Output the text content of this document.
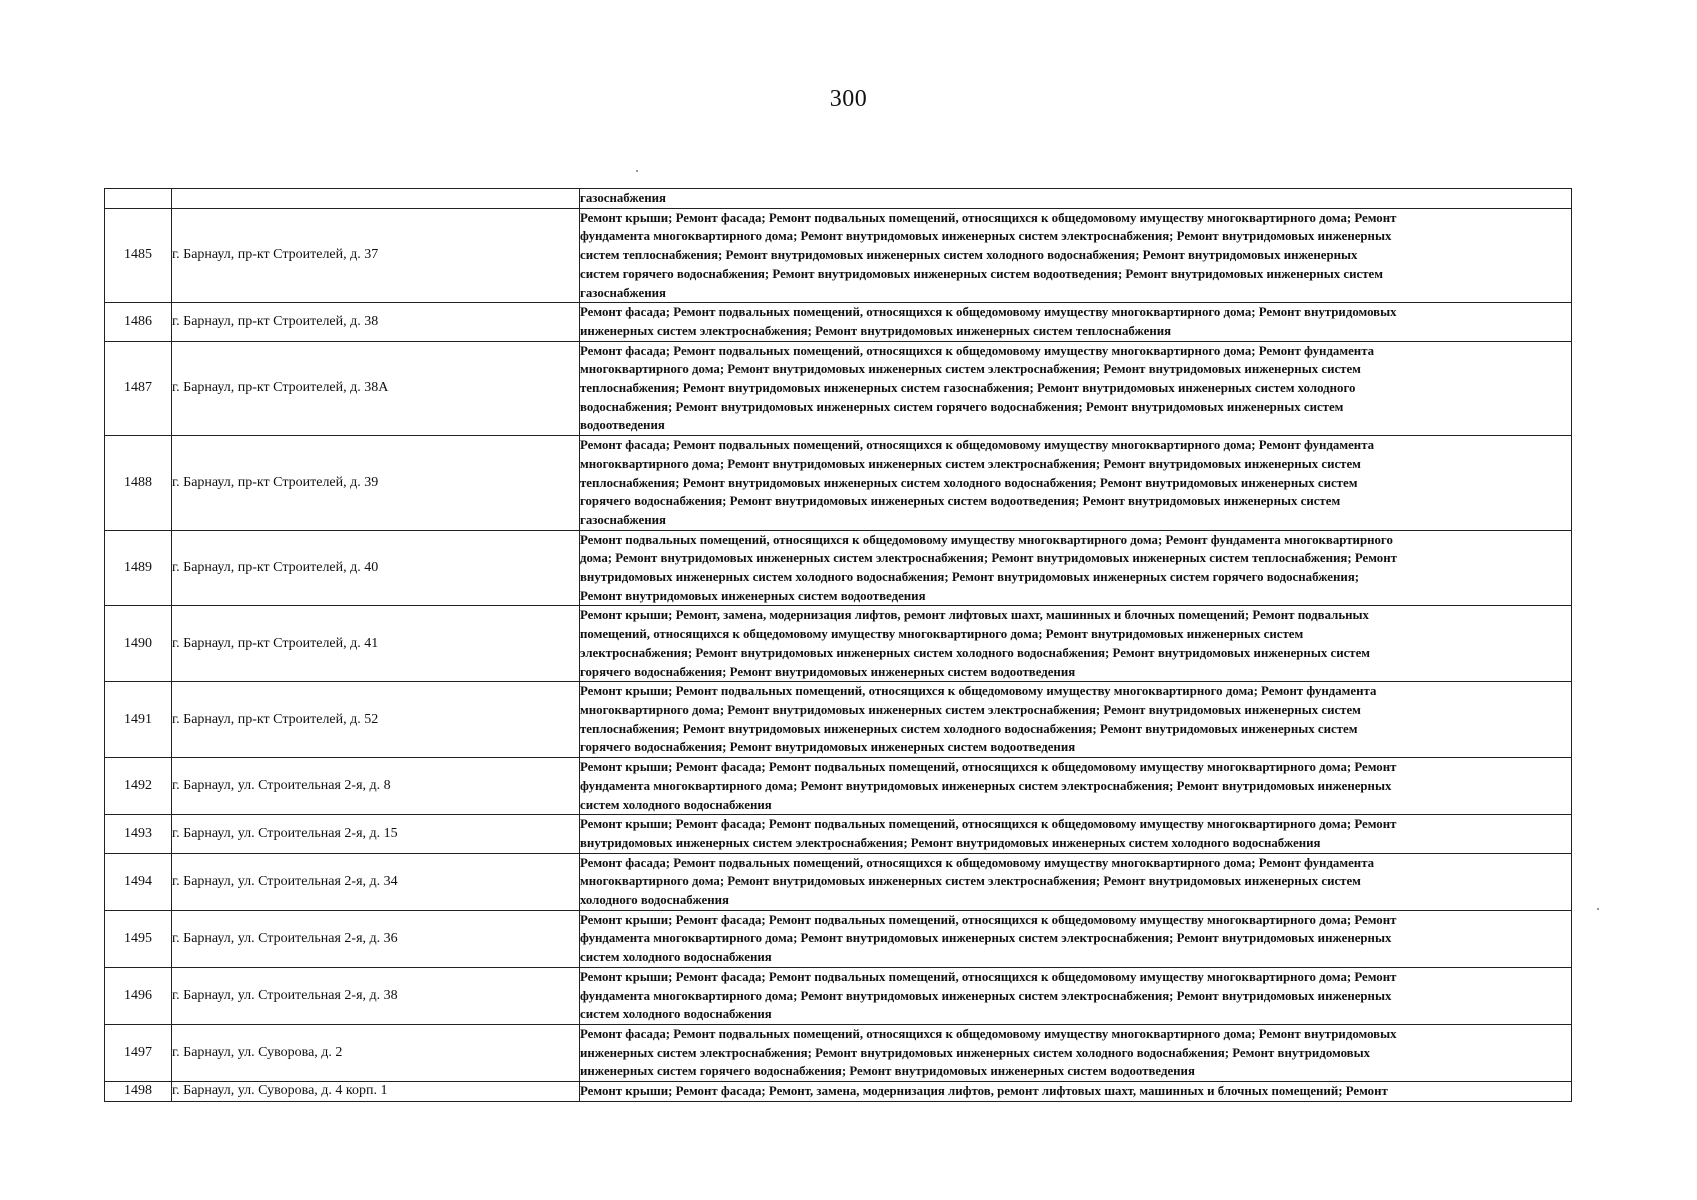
300

		газоснабжения

1485	г. Барнаул, пр-кт Строителей, д. 37	Ремонт крыши; Ремонт фасада; Ремонт подвальных помещений, относящихся к общедомовому имуществу многоквартирного дома; Ремонт
фундамента многоквартирного дома; Ремонт внутридомовых инженерных систем электроснабжения; Ремонт внутридомовых инженерных
систем теплоснабжения; Ремонт внутридомовых инженерных систем холодного водоснабжения; Ремонт внутридомовых инженерных
систем горячего водоснабжения; Ремонт внутридомовых инженерных систем водоотведения; Ремонт внутридомовых инженерных систем
газоснабжения

1486	г. Барнаул, пр-кт Строителей, д. 38	Ремонт фасада; Ремонт подвальных помещений, относящихся к общедомовому имуществу многоквартирного дома; Ремонт внутридомовых
инженерных систем электроснабжения; Ремонт внутридомовых инженерных систем теплоснабжения

1487	г. Барнаул, пр-кт Строителей, д. 38А	Ремонт фасада; Ремонт подвальных помещений, относящихся к общедомовому имуществу многоквартирного дома; Ремонт фундамента
многоквартирного дома; Ремонт внутридомовых инженерных систем электроснабжения; Ремонт внутридомовых инженерных систем
теплоснабжения; Ремонт внутридомовых инженерных систем газоснабжения; Ремонт внутридомовых инженерных систем холодного
водоснабжения; Ремонт внутридомовых инженерных систем горячего водоснабжения; Ремонт внутридомовых инженерных систем
водоотведения

1488	г. Барнаул, пр-кт Строителей, д. 39	Ремонт фасада; Ремонт подвальных помещений, относящихся к общедомовому имуществу многоквартирного дома; Ремонт фундамента
многоквартирного дома; Ремонт внутридомовых инженерных систем электроснабжения; Ремонт внутридомовых инженерных систем
теплоснабжения; Ремонт внутридомовых инженерных систем холодного водоснабжения; Ремонт внутридомовых инженерных систем
горячего водоснабжения; Ремонт внутридомовых инженерных систем водоотведения; Ремонт внутридомовых инженерных систем
газоснабжения

1489	г. Барнаул, пр-кт Строителей, д. 40	Ремонт подвальных помещений, относящихся к общедомовому имуществу многоквартирного дома; Ремонт фундамента многоквартирного
дома; Ремонт внутридомовых инженерных систем электроснабжения; Ремонт внутридомовых инженерных систем теплоснабжения; Ремонт
внутридомовых инженерных систем холодного водоснабжения; Ремонт внутридомовых инженерных систем горячего водоснабжения;
Ремонт внутридомовых инженерных систем водоотведения

1490	г. Барнаул, пр-кт Строителей, д. 41	Ремонт крыши; Ремонт, замена, модернизация лифтов, ремонт лифтовых шахт, машинных и блочных помещений; Ремонт подвальных
помещений, относящихся к общедомовому имуществу многоквартирного дома; Ремонт внутридомовых инженерных систем
электроснабжения; Ремонт внутридомовых инженерных систем холодного водоснабжения; Ремонт внутридомовых инженерных систем
горячего водоснабжения; Ремонт внутридомовых инженерных систем водоотведения

1491	г. Барнаул, пр-кт Строителей, д. 52	Ремонт крыши; Ремонт подвальных помещений, относящихся к общедомовому имуществу многоквартирного дома; Ремонт фундамента
многоквартирного дома; Ремонт внутридомовых инженерных систем электроснабжения; Ремонт внутридомовых инженерных систем
теплоснабжения; Ремонт внутридомовых инженерных систем холодного водоснабжения; Ремонт внутридомовых инженерных систем
горячего водоснабжения; Ремонт внутридомовых инженерных систем водоотведения

1492	г. Барнаул, ул. Строительная 2-я, д. 8	Ремонт крыши; Ремонт фасада; Ремонт подвальных помещений, относящихся к общедомовому имуществу многоквартирного дома; Ремонт
фундамента многоквартирного дома; Ремонт внутридомовых инженерных систем электроснабжения; Ремонт внутридомовых инженерных
систем холодного водоснабжения

1493	г. Барнаул, ул. Строительная 2-я, д. 15	Ремонт крыши; Ремонт фасада; Ремонт подвальных помещений, относящихся к общедомовому имуществу многоквартирного дома; Ремонт
внутридомовых инженерных систем электроснабжения; Ремонт внутридомовых инженерных систем холодного водоснабжения

1494	г. Барнаул, ул. Строительная 2-я, д. 34	Ремонт фасада; Ремонт подвальных помещений, относящихся к общедомовому имуществу многоквартирного дома; Ремонт фундамента
многоквартирного дома; Ремонт внутридомовых инженерных систем электроснабжения; Ремонт внутридомовых инженерных систем
холодного водоснабжения

1495	г. Барнаул, ул. Строительная 2-я, д. 36	Ремонт крыши; Ремонт фасада; Ремонт подвальных помещений, относящихся к общедомовому имуществу многоквартирного дома; Ремонт
фундамента многоквартирного дома; Ремонт внутридомовых инженерных систем электроснабжения; Ремонт внутридомовых инженерных
систем холодного водоснабжения

1496	г. Барнаул, ул. Строительная 2-я, д. 38	Ремонт крыши; Ремонт фасада; Ремонт подвальных помещений, относящихся к общедомовому имуществу многоквартирного дома; Ремонт
фундамента многоквартирного дома; Ремонт внутридомовых инженерных систем электроснабжения; Ремонт внутридомовых инженерных
систем холодного водоснабжения

1497	г. Барнаул, ул. Суворова, д. 2	Ремонт фасада; Ремонт подвальных помещений, относящихся к общедомовому имуществу многоквартирного дома; Ремонт внутридомовых
инженерных систем электроснабжения; Ремонт внутридомовых инженерных систем холодного водоснабжения; Ремонт внутридомовых
инженерных систем горячего водоснабжения; Ремонт внутридомовых инженерных систем водоотведения

1498	г. Барнаул, ул. Суворова, д. 4 корп. 1	Ремонт крыши; Ремонт фасада; Ремонт, замена, модернизация лифтов, ремонт лифтовых шахт, машинных и блочных помещений; Ремонт
